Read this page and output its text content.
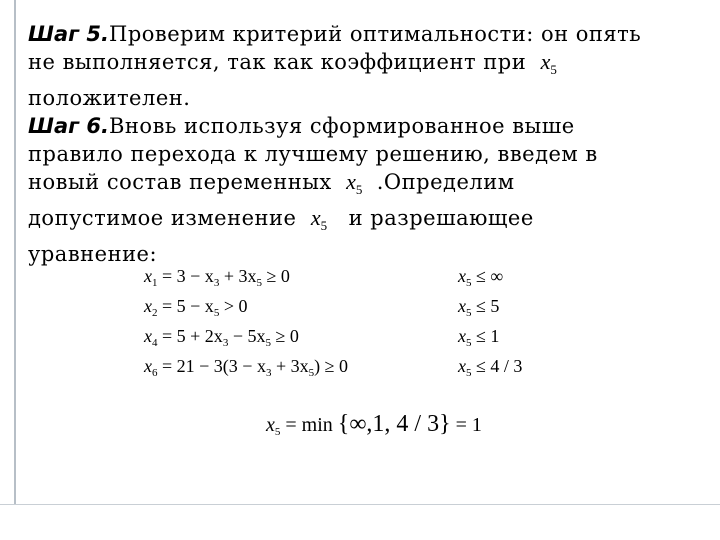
Шаг 5.Проверим критерий оптимальности: он опять
не выполняется, так как коэффициент при $x_5$
положителен.
Шаг 6.Вновь используя сформированное выше
правило перехода к лучшему решению, введем в
новый состав переменных $x_5$ .Определим
допустимое изменение $x_5$ и разрешающее
уравнение:
$x_1 = 3 - x_3 + 3x_5 \ge 0$
$x_2 = 5 - x_5 > 0$
$x_4 = 5 + 2x_3 - 5x_5 \ge 0$
$x_6 = 21 - 3(3 - x_3 + 3x_5) \ge 0$
$x_5$ ≤ ∞
$x_5 \le 5$
$x_5 \le 1$
$x_5 \le 4 / 3$
$x_5 = \min \{\infty,1$, 4 / 3} = 1
